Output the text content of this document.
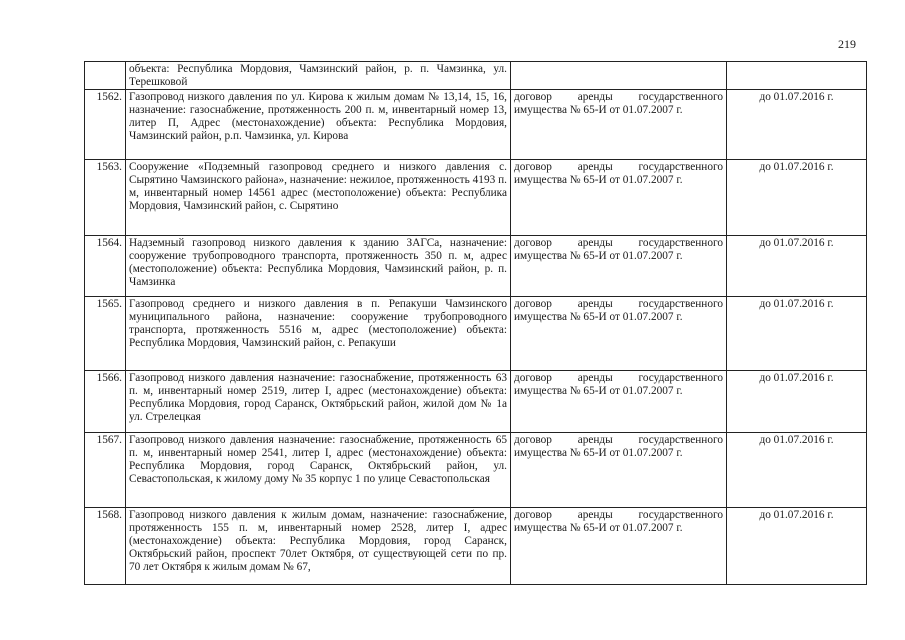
219
	объекта: Республика Мордовия, Чамзинский район, р. п. Чамзинка, ул. Терешковой		
1562.	Газопровод низкого давления по ул. Кирова к жилым домам № 13,14, 15, 16, назначение: газоснабжение, протяженность 200 п. м, инвентарный номер 13, литер П, Адрес (местонахождение) объекта: Республика Мордовия, Чамзинский район, р.п. Чамзинка, ул. Кирова	договор аренды государственного имущества № 65-И от 01.07.2007 г.	до 01.07.2016 г.
1563.	Сооружение «Подземный газопровод среднего и низкого давления с. Сырятино Чамзинского района», назначение: нежилое, протяженность 4193 п. м, инвентарный номер 14561 адрес (местоположение) объекта: Республика Мордовия, Чамзинский район, с. Сырятино	договор аренды государственного имущества № 65-И от 01.07.2007 г.	до 01.07.2016 г.
1564.	Надземный газопровод низкого давления к зданию ЗАГСа, назначение: сооружение трубопроводного транспорта, протяженность 350 п. м, адрес (местоположение) объекта: Республика Мордовия, Чамзинский район, р. п. Чамзинка	договор аренды государственного имущества № 65-И от 01.07.2007 г.	до 01.07.2016 г.
1565.	Газопровод среднего и низкого давления в п. Репакуши Чамзинского муниципального района, назначение: сооружение трубопроводного транспорта, протяженность 5516 м, адрес (местоположение) объекта: Республика Мордовия, Чамзинский район, с. Репакуши	договор аренды государственного имущества № 65-И от 01.07.2007 г.	до 01.07.2016 г.
1566.	Газопровод низкого давления назначение: газоснабжение, протяженность 63 п. м, инвентарный номер 2519, литер I, адрес (местонахождение) объекта: Республика Мордовия, город Саранск, Октябрьский район, жилой дом № 1а ул. Стрелецкая	договор аренды государственного имущества № 65-И от 01.07.2007 г.	до 01.07.2016 г.
1567.	Газопровод низкого давления назначение: газоснабжение, протяженность 65 п. м, инвентарный номер 2541, литер I, адрес (местонахождение) объекта: Республика Мордовия, город Саранск, Октябрьский район, ул. Севастопольская, к жилому дому № 35 корпус 1 по улице Севастопольская	договор аренды государственного имущества № 65-И от 01.07.2007 г.	до 01.07.2016 г.
1568.	Газопровод низкого давления к жилым домам, назначение: газоснабжение, протяженность 155 п. м, инвентарный номер 2528, литер I, адрес (местонахождение) объекта: Республика Мордовия, город Саранск, Октябрьский район, проспект 70лет Октября, от существующей сети по пр. 70 лет Октября к жилым домам № 67,	договор аренды государственного имущества № 65-И от 01.07.2007 г.	до 01.07.2016 г.
